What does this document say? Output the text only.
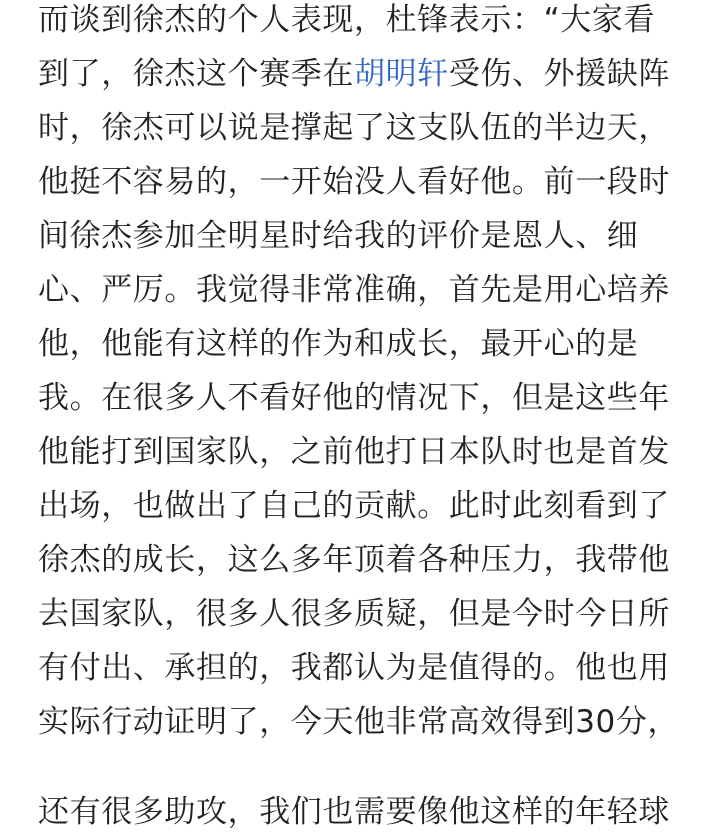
而谈到徐杰的个人表现，杜锋表示：“大家看
到了，徐杰这个赛季在胡明轩受伤、外援缺阵
时，徐杰可以说是撑起了这支队伍的半边天，
他挺不容易的，一开始没人看好他。前一段时
间徐杰参加全明星时给我的评价是恩人、细
心、严厉。我觉得非常准确，首先是用心培养
他，他能有这样的作为和成长，最开心的是
我。在很多人不看好他的情况下，但是这些年
他能打到国家队，之前他打日本队时也是首发
出场，也做出了自己的贡献。此时此刻看到了
徐杰的成长，这么多年顶着各种压力，我带他
去国家队，很多人很多质疑，但是今时今日所
有付出、承担的，我都认为是值得的。他也用
实际行动证明了，今天他非常高效得到30分，
还有很多助攻，我们也需要像他这样的年轻球
